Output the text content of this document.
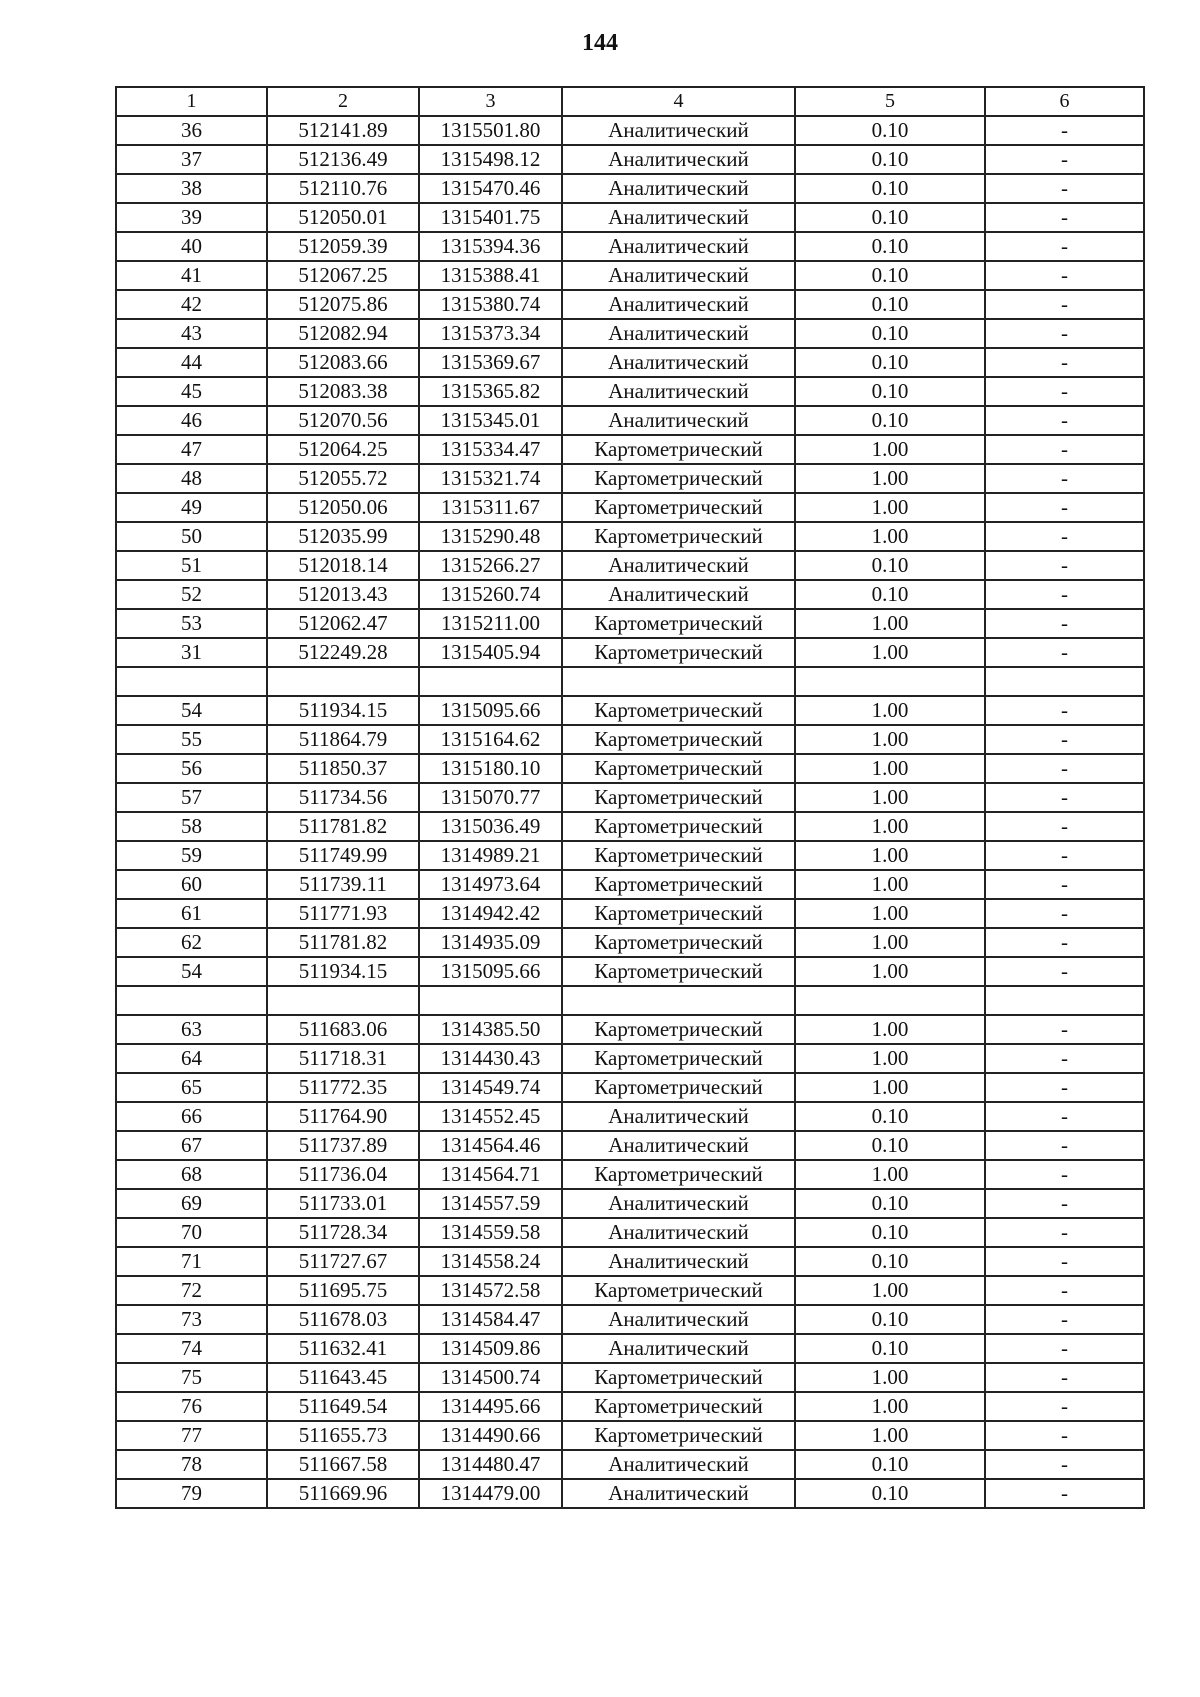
144
1	2	3	4	5	6
36	512141.89	1315501.80	Аналитический	0.10	-
37	512136.49	1315498.12	Аналитический	0.10	-
38	512110.76	1315470.46	Аналитический	0.10	-
39	512050.01	1315401.75	Аналитический	0.10	-
40	512059.39	1315394.36	Аналитический	0.10	-
41	512067.25	1315388.41	Аналитический	0.10	-
42	512075.86	1315380.74	Аналитический	0.10	-
43	512082.94	1315373.34	Аналитический	0.10	-
44	512083.66	1315369.67	Аналитический	0.10	-
45	512083.38	1315365.82	Аналитический	0.10	-
46	512070.56	1315345.01	Аналитический	0.10	-
47	512064.25	1315334.47	Картометрический	1.00	-
48	512055.72	1315321.74	Картометрический	1.00	-
49	512050.06	1315311.67	Картометрический	1.00	-
50	512035.99	1315290.48	Картометрический	1.00	-
51	512018.14	1315266.27	Аналитический	0.10	-
52	512013.43	1315260.74	Аналитический	0.10	-
53	512062.47	1315211.00	Картометрический	1.00	-
31	512249.28	1315405.94	Картометрический	1.00	-

54	511934.15	1315095.66	Картометрический	1.00	-
55	511864.79	1315164.62	Картометрический	1.00	-
56	511850.37	1315180.10	Картометрический	1.00	-
57	511734.56	1315070.77	Картометрический	1.00	-
58	511781.82	1315036.49	Картометрический	1.00	-
59	511749.99	1314989.21	Картометрический	1.00	-
60	511739.11	1314973.64	Картометрический	1.00	-
61	511771.93	1314942.42	Картометрический	1.00	-
62	511781.82	1314935.09	Картометрический	1.00	-
54	511934.15	1315095.66	Картометрический	1.00	-

63	511683.06	1314385.50	Картометрический	1.00	-
64	511718.31	1314430.43	Картометрический	1.00	-
65	511772.35	1314549.74	Картометрический	1.00	-
66	511764.90	1314552.45	Аналитический	0.10	-
67	511737.89	1314564.46	Аналитический	0.10	-
68	511736.04	1314564.71	Картометрический	1.00	-
69	511733.01	1314557.59	Аналитический	0.10	-
70	511728.34	1314559.58	Аналитический	0.10	-
71	511727.67	1314558.24	Аналитический	0.10	-
72	511695.75	1314572.58	Картометрический	1.00	-
73	511678.03	1314584.47	Аналитический	0.10	-
74	511632.41	1314509.86	Аналитический	0.10	-
75	511643.45	1314500.74	Картометрический	1.00	-
76	511649.54	1314495.66	Картометрический	1.00	-
77	511655.73	1314490.66	Картометрический	1.00	-
78	511667.58	1314480.47	Аналитический	0.10	-
79	511669.96	1314479.00	Аналитический	0.10	-
